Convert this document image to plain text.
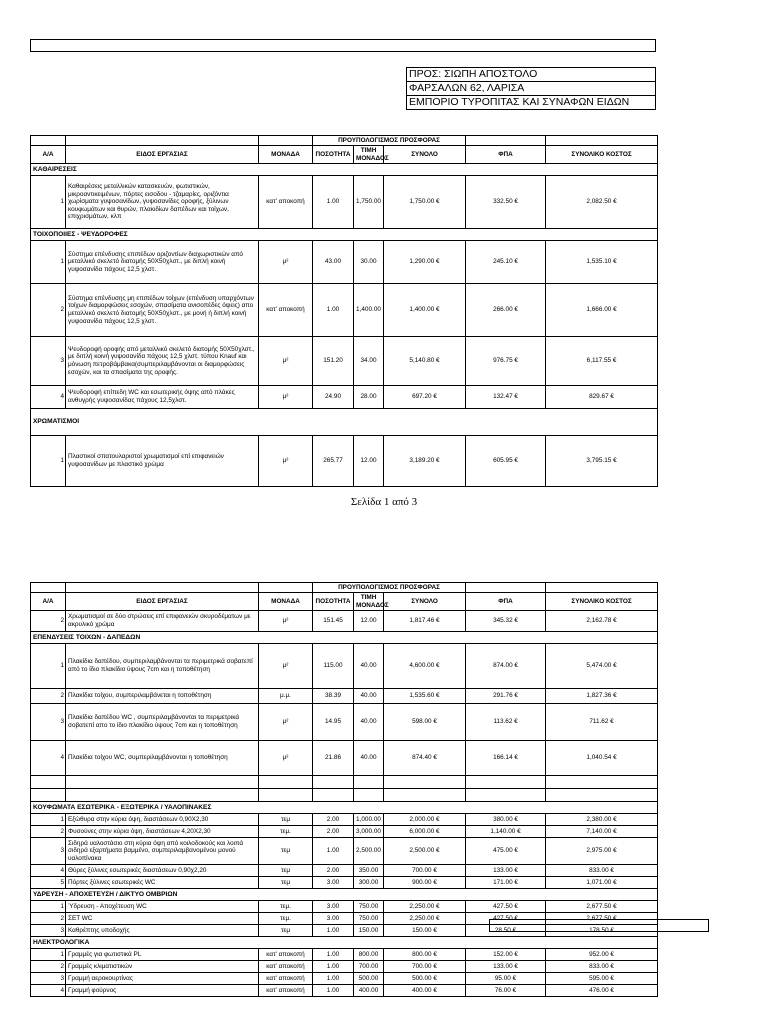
ΠΡΟΣ: ΣΙΩΠΗ ΑΠΟΣΤΟΛΟ
ΦΑΡΣΑΛΩΝ 62, ΛΑΡΙΣΑ
ΕΜΠΟΡΙΟ ΤΥΡΟΠΙΤΑΣ ΚΑΙ ΣΥΝΑΦΩΝ ΕΙΔΩΝ
			ΠΡΟΥΠΟΛΟΓΙΣΜΟΣ ΠΡΟΣΦΟΡΑΣ				
Α/Α	ΕΙΔΟΣ ΕΡΓΑΣΙΑΣ	ΜΟΝΑΔΑ	ΠΟΣΟΤΗΤΑ	ΤΙΜΗ ΜΟΝΑΔΟΣ	ΣΥΝΟΛΟ	ΦΠΑ	ΣΥΝΟΛΙΚΟ ΚΟΣΤΟΣ
ΚΑΘΑΙΡΕΣΕΙΣ							
1	Καθαιρέσεις μεταλλικών κατασκευών, φωτιστικών, μικροαντικειμένων, πόρτες εισοδου - τζαμαρίες, οριζόντια χωρίσματα γυψοσανίδων, γυψοσανίδες οροφής, ξύλινων κουφωμάτων και θυρών, πλακιδίων δαπέδων και τοίχων, επιχρισμάτων, κλπ	κατ' αποκοπή	1.00	1,750.00	1,750.00 €	332.50 €	2,082.50 €
ΤΟΙΧΟΠΟΙΙΕΣ - ΨΕΥΔΟΡΟΦΕΣ							
1	Σύστημα επένδυσης επιπέδων οριζοντίων διαχωριστικών από μεταλλικό σκελετό διατομής 50Χ50χλστ., με διπλή κοινή γυψοσανίδα πάχους 12,5 χλστ.	μ²	43.00	30.00	1,290.00 €	245.10 €	1,535.10 €
2	Σύστημα επένδυσης μη επιπέδων τοίχων (επένδυση υπαρχόντων τοίχων διαμορφώσεις εσοχών, σπασίματα ανισοπέδες όψεις) απο μεταλλικό σκελετό διατομής 50Χ50χλστ., με μονή ή διπλή κοινή γυψοσανίδα πάχους 12,5 χλστ.	κατ' αποκοπή	1.00	1,400.00	1,400.00 €	266.00 €	1,666.00 €
3	Ψευδοροφή οροφής από μεταλλικό σκελετό διατομής 50Χ50χλστ., με διπλή κοινή γυψοσανίδα πάχους 12,5 χλστ. τύπου Knauf και μόνωση πετροβάμβακα(συμπεριλαμβάνονται οι διαμορφώσεις εσοχών, και τα σπασίματα της οροφής.	μ²	151.20	34.00	5,140.80 €	976.75 €	6,117.55 €
4	Ψευδοροφή επίπεδη WC και εσωτερικής όψης από πλάκες ανθυγρής γυψοσανίδας πάχους 12,5χλστ.	μ²	24.90	28.00	697.20 €	132.47 €	829.67 €
ΧΡΩΜΑΤΙΣΜΟΙ							
1	Πλαστικοί σπατουλαριστοί χρωματισμοί επί επιφανειών γυψοσανίδων με πλαστικό χρώμα	μ²	265.77	12.00	3,189.20 €	605.95 €	3,795.15 €
Σελίδα 1 από 3
			ΠΡΟΥΠΟΛΟΓΙΣΜΟΣ ΠΡΟΣΦΟΡΑΣ				
Α/Α	ΕΙΔΟΣ ΕΡΓΑΣΙΑΣ	ΜΟΝΑΔΑ	ΠΟΣΟΤΗΤΑ	ΤΙΜΗ ΜΟΝΑΔΟΣ	ΣΥΝΟΛΟ	ΦΠΑ	ΣΥΝΟΛΙΚΟ ΚΟΣΤΟΣ
2	Χρωματισμοί σε δύο στρώσεις επί επιφανειών σκυροδέματων με ακρυλικό χρώμα	μ²	151.45	12.00	1,817.46 €	345.32 €	2,162.78 €
ΕΠΕΝΔΥΣΕΙΣ ΤΟΙΧΩΝ - ΔΑΠΕΔΩΝ							
1	Πλακίδια δαπέδου, συμπεριλαμβάνονται τα περιμετρικά σοβατεπί από το ίδιο πλακίδιο ύψους 7cm και η τοποθέτηση	μ²	115.00	40.00	4,600.00 €	874.00 €	5,474.00 €
2	Πλακίδια τοίχου, συμπεριλαμβάνεται η τοποθέτηση	μ.μ.	38.39	40.00	1,535.60 €	291.76 €	1,827.36 €
3	Πλακίδια δαπέδου WC , συμπεριλαμβάνονται τα περιμετρικά σοβατεπί απο το ίδιο πλακίδιο ύψους 7cm και η τοποθέτηση	μ²	14.95	40.00	598.00 €	113.62 €	711.62 €
4	Πλακίδια τοίχου WC, συμπεριλαμβάνονται η τοποθέτηση	μ²	21.86	40.00	874.40 €	166.14 €	1,040.54 €

ΚΟΥΦΩΜΑΤΑ ΕΣΩΤΕΡΙΚΑ - ΕΞΩΤΕΡΙΚΑ / ΥΑΛΟΠΙΝΑΚΕΣ							
1	Εξώθυρα στην κύρια όψη, διαστάσεων 0,90Χ2,30	τεμ	2.00	1,000.00	2,000.00 €	380.00 €	2,380.00 €
2	Φυσούνες στην κύρια όψη, διαστάσεων 4,20Χ2,30	τεμ.	2.00	3,000.00	6,000.00 €	1,140.00 €	7,140.00 €
3	Σιδηρά υαλοστάσιο στη κύρια όψη από κοιλοδοκούς και λοιπά σιδηρά εξαρτήματα βαμμένο, συμπεριλαμβανομένου μονού υαλοπίνακα	τεμ	1.00	2,500.00	2,500.00 €	475.00 €	2,975.00 €
4	Θύρες ξύλινες εσωτερικές διαστάσεων 0,90χ2,20	τεμ	2.00	350.00	700.00 €	133.00 €	833.00 €
5	Πόρτες ξύλινες εσωτερικές WC	τεμ	3.00	300.00	900.00 €	171.00 €	1,071.00 €
ΥΔΡΕΥΣΗ - ΑΠΟΧΕΤΕΥΣΗ / ΔΙΚΤΥΟ ΟΜΒΡΙΩΝ							
1	Ύδρευση - Αποχέτευση WC	τεμ.	3.00	750.00	2,250.00 €	427.50 €	2,677.50 €
2	ΣΕΤ WC	τεμ.	3.00	750.00	2,250.00 €	427.50 €	2,677.50 €
3	Καθρέπτης υποδοχής	τεμ	1.00	150.00	150.00 €	28.50 €	178.50 €
ΗΛΕΚΤΡΟΛΟΓΙΚΑ							
1	Γραμμές για φωτιστικά PL	κατ' αποκοπή	1.00	800.00	800.00 €	152.00 €	952.00 €
2	Γραμμές κλιματιστικών	κατ' αποκοπή	1.00	700.00	700.00 €	133.00 €	833.00 €
3	Γραμμή αεροκουρτίνας	κατ' αποκοπή	1.00	500.00	500.00 €	95.00 €	595.00 €
4	Γραμμή φούρνος	κατ' αποκοπή	1.00	400.00	400.00 €	76.00 €	476.00 €
